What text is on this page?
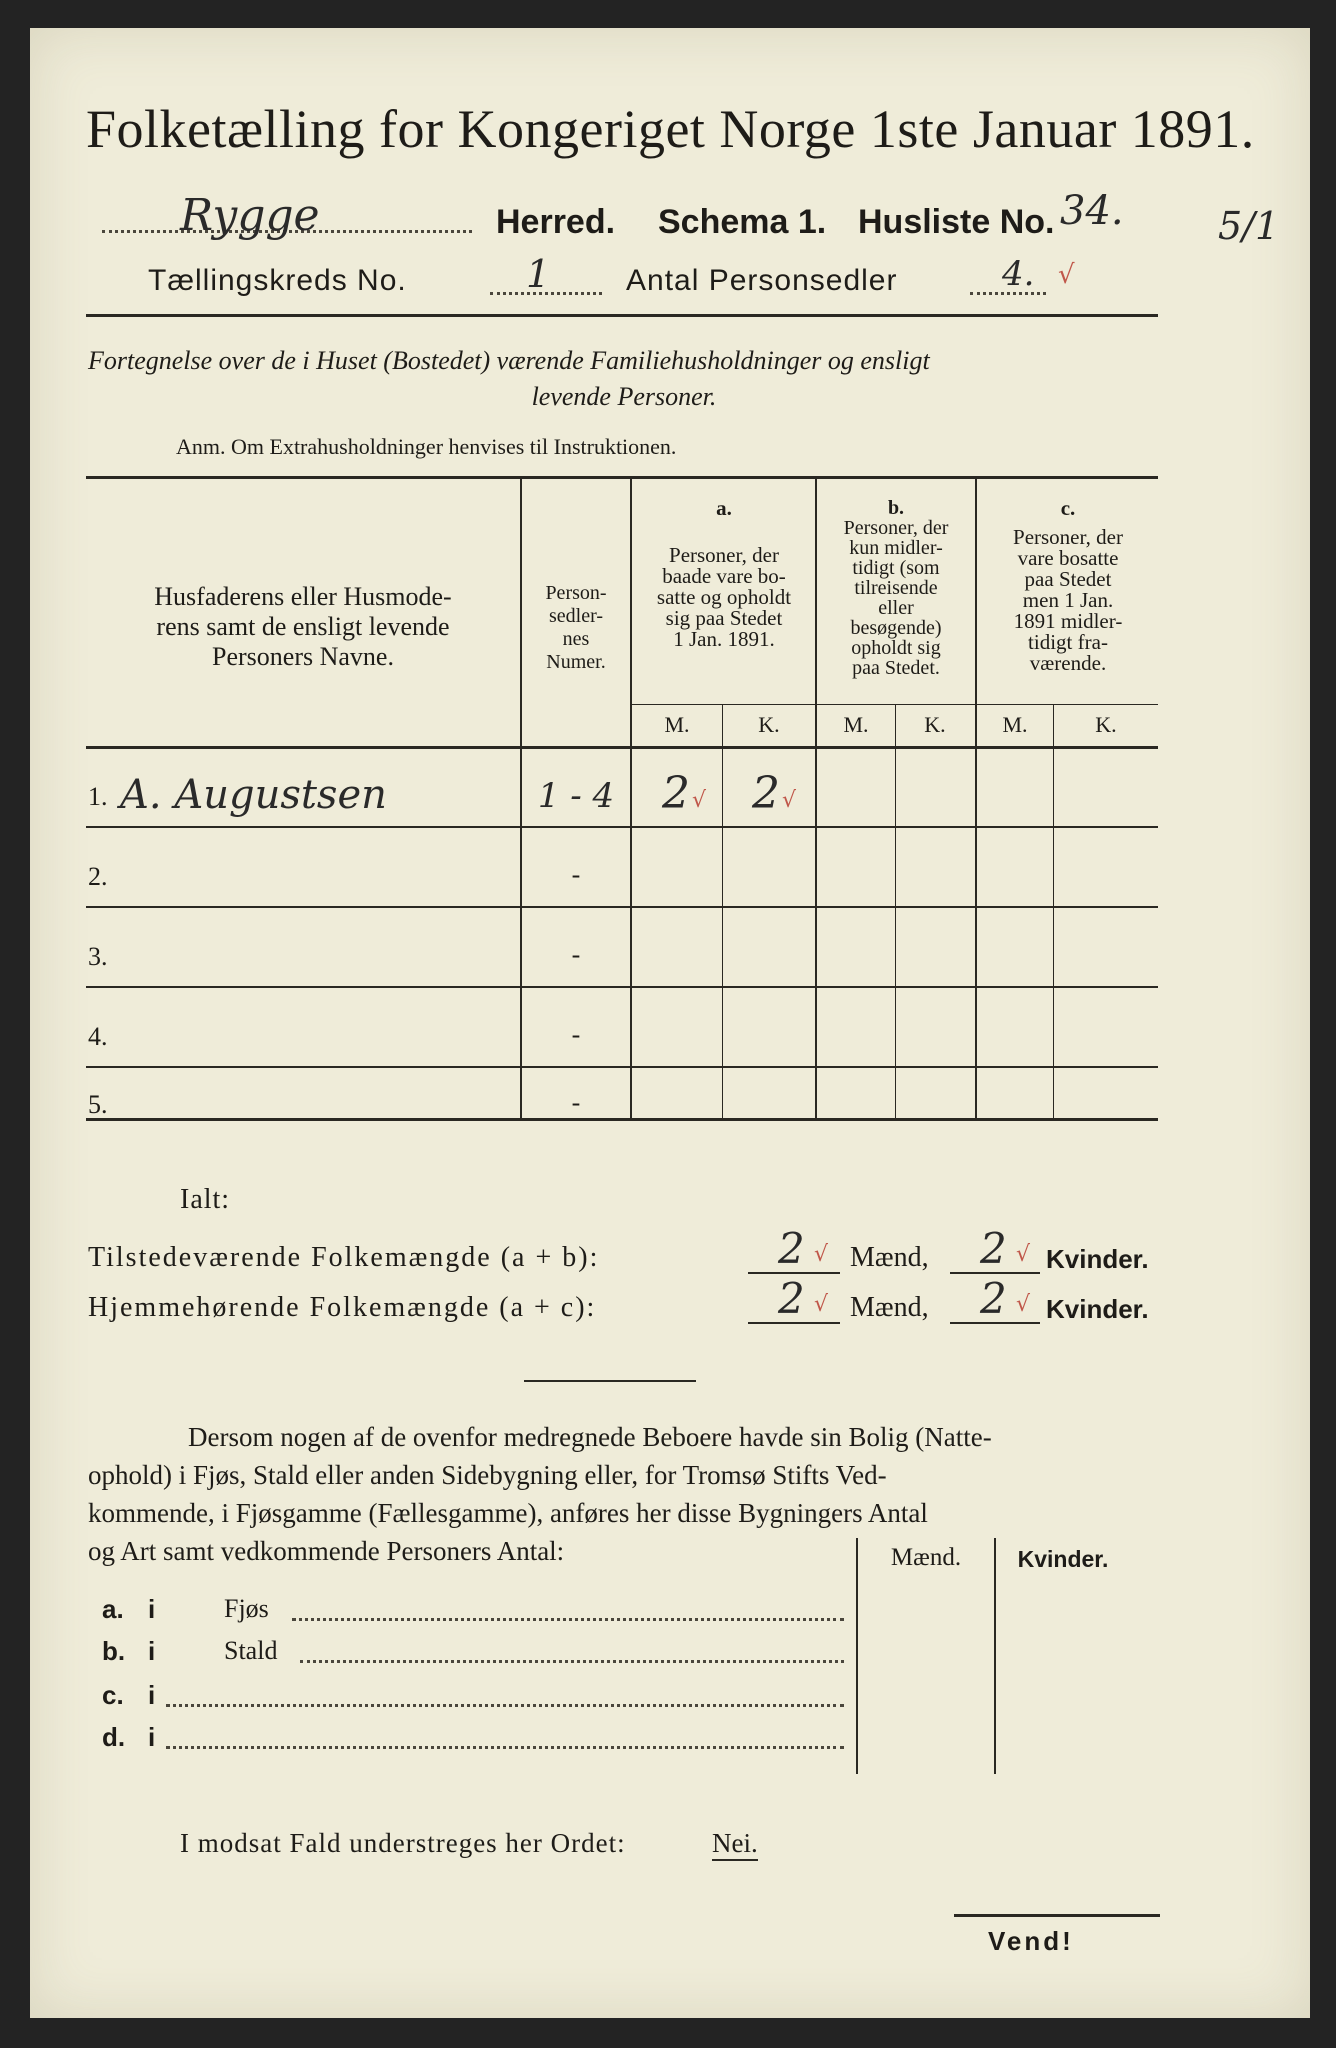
Folketælling for Kongeriget Norge 1ste Januar 1891.
Rygge	Herred. Schema 1. Husliste No. 34. 5/1
Tællingskreds No.	1	Antal Personsedler	4. √
Fortegnelse over de i Huset (Bostedet) værende Familiehusholdninger og ensligt
levende Personer.
Anm. Om Extrahusholdninger henvises til Instruktionen.
Husfaderens eller Husmode-
rens samt de ensligt levende
Personers Navne.
Person-
sedler-
nes
Numer.
a.
Personer, der
baade vare bo-
satte og opholdt
sig paa Stedet
1 Jan. 1891.
b.
Personer, der
kun midler-
tidigt (som
tilreisende
eller
besøgende)
opholdt sig
paa Stedet.
c.
Personer, der
vare bosatte
paa Stedet
men 1 Jan.
1891 midler-
tidigt fra-
værende.
M.	K.	M.	K.	M.	K.
1. A. Augustsen	1 - 4	2 √ 2 √
2.	-
3.	-
4.	-
5.	-
Ialt:
Tilstedeværende Folkemængde (a + b):	2 √ Mænd, 2 √ Kvinder.
Hjemmehørende Folkemængde (a + c):	2 √ Mænd, 2 √ Kvinder.
Dersom nogen af de ovenfor medregnede Beboere havde sin Bolig (Natte-
ophold) i Fjøs, Stald eller anden Sidebygning eller, for Tromsø Stifts Ved-
kommende, i Fjøsgamme (Fællesgamme), anføres her disse Bygningers Antal
og Art samt vedkommende Personers Antal:	Mænd.	Kvinder.
a. i	Fjøs
b. i	Stald
c. i
d. i
I modsat Fald understreges her Ordet:	Nei.
Vend!
